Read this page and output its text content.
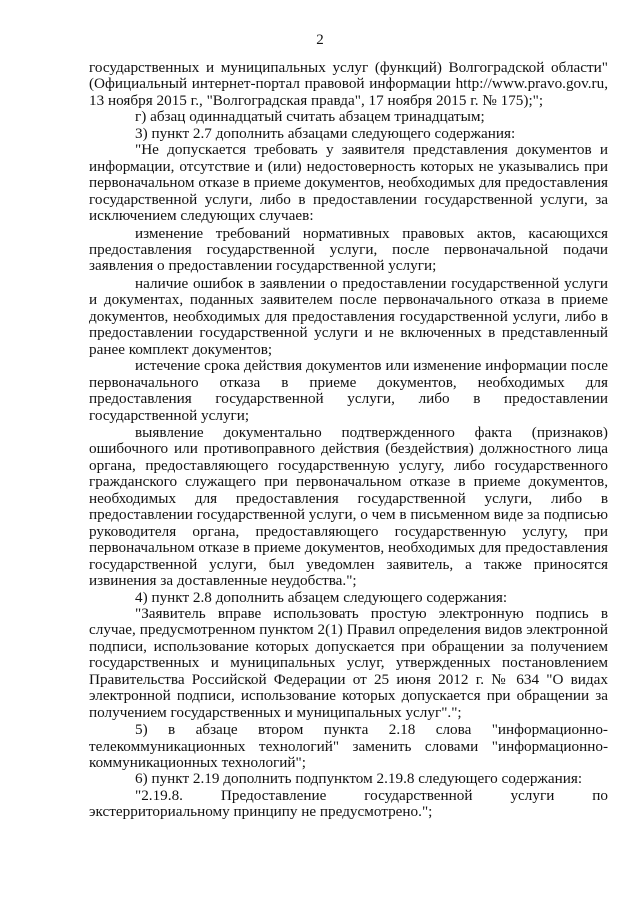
2

государственных и муниципальных услуг (функций) Волгоградской области" (Официальный интернет-портал правовой информации http://www.pravo.gov.ru, 13 ноября 2015 г., "Волгоградская правда", 17 ноября 2015 г. № 175);";

г) абзац одиннадцатый считать абзацем тринадцатым;

3) пункт 2.7 дополнить абзацами следующего содержания:

"Не допускается требовать у заявителя представления документов и информации, отсутствие и (или) недостоверность которых не указывались при первоначальном отказе в приеме документов, необходимых для предоставления государственной услуги, либо в предоставлении государственной услуги, за исключением следующих случаев:

изменение требований нормативных правовых актов, касающихся предоставления государственной услуги, после первоначальной подачи заявления о предоставлении государственной услуги;

наличие ошибок в заявлении о предоставлении государственной услуги и документах, поданных заявителем после первоначального отказа в приеме документов, необходимых для предоставления государственной услуги, либо в предоставлении государственной услуги и не включенных в представленный ранее комплект документов;

истечение срока действия документов или изменение информации после первоначального отказа в приеме документов, необходимых для предоставления государственной услуги, либо в предоставлении государственной услуги;

выявление документально подтвержденного факта (признаков) ошибочного или противоправного действия (бездействия) должностного лица органа, предоставляющего государственную услугу, либо государственного гражданского служащего при первоначальном отказе в приеме документов, необходимых для предоставления государственной услуги, либо в предоставлении государственной услуги, о чем в письменном виде за подписью руководителя органа, предоставляющего государственную услугу, при первоначальном отказе в приеме документов, необходимых для предоставления государственной услуги, был уведомлен заявитель, а также приносятся извинения за доставленные неудобства.";

4) пункт 2.8 дополнить абзацем следующего содержания:

"Заявитель вправе использовать простую электронную подпись в случае, предусмотренном пунктом 2(1) Правил определения видов электронной подписи, использование которых допускается при обращении за получением государственных и муниципальных услуг, утвержденных постановлением Правительства Российской Федерации от 25 июня 2012 г. № 634 "О видах электронной подписи, использование которых допускается при обращении за получением государственных и муниципальных услуг".";

5) в абзаце втором пункта 2.18 слова "информационно-телекоммуникационных технологий" заменить словами "информационно-коммуникационных технологий";

6) пункт 2.19 дополнить подпунктом 2.19.8 следующего содержания:

"2.19.8. Предоставление государственной услуги по экстерриториальному принципу не предусмотрено.";
